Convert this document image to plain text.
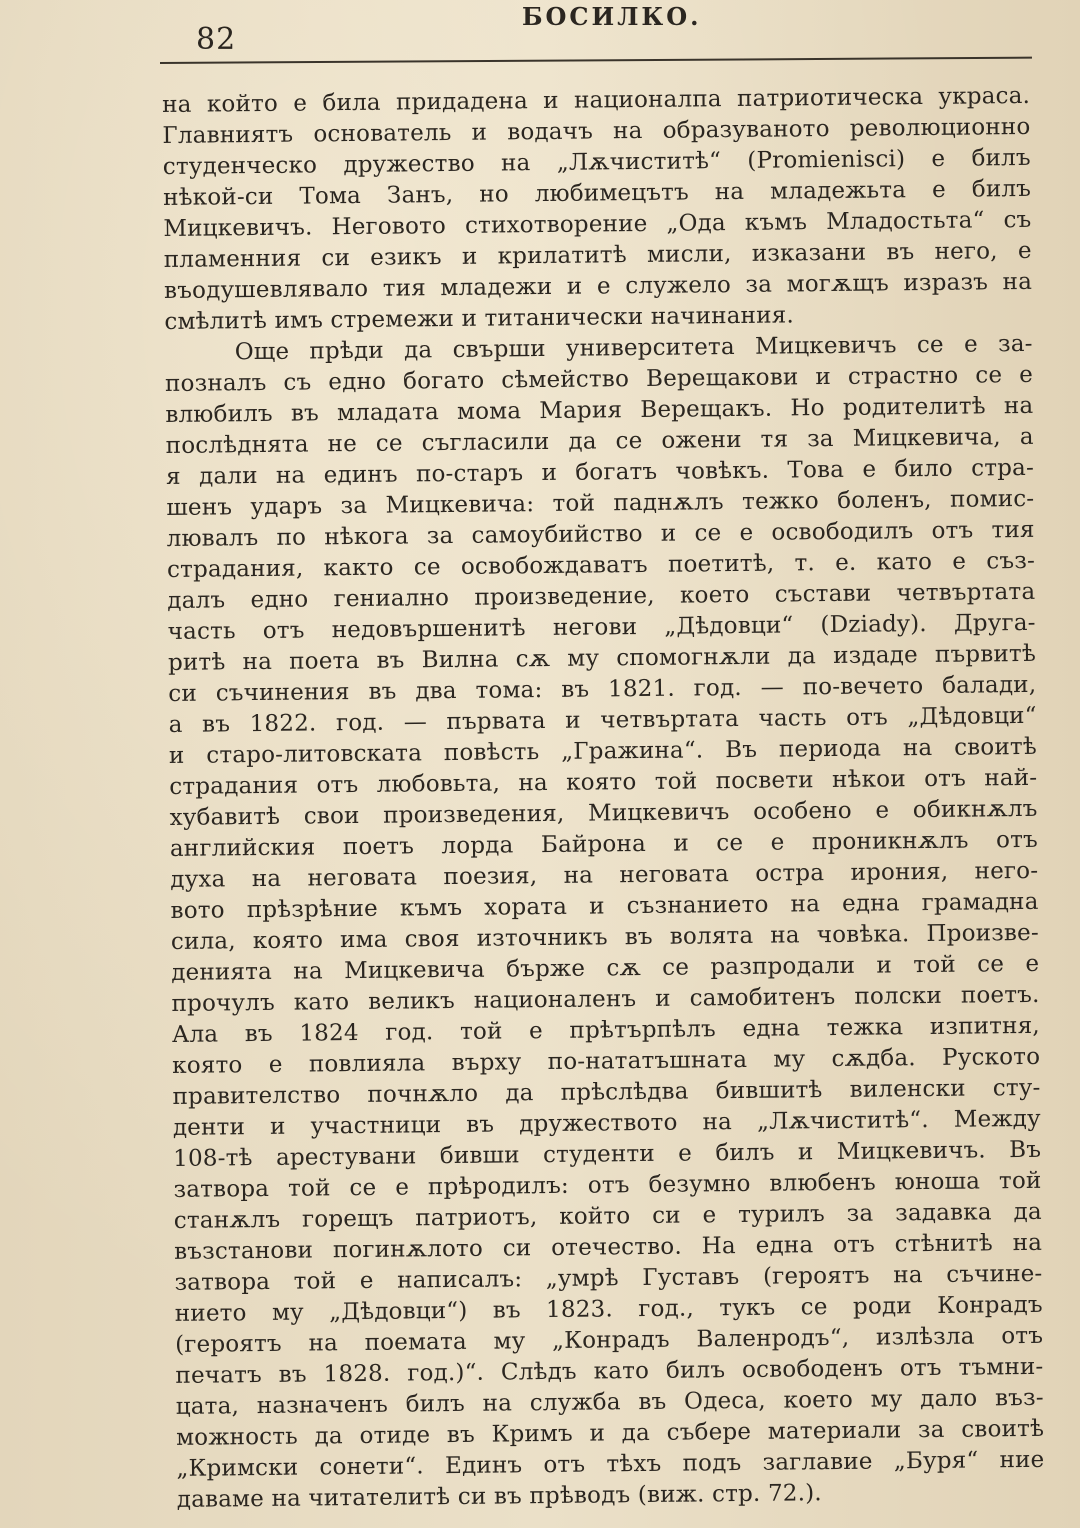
82
БОСИЛКО.
на който е била придадена и националпа патриотическа украса.
Главниятъ основатель и водачъ на образуваното революционно
студенческо дружество на „Лѫчиститѣ“ (Promienisci) е билъ
нѣкой-си Тома Занъ, но любимецътъ на младежьта е билъ
Мицкевичъ. Неговото стихотворение „Ода къмъ Младостьта“ съ
пламенния си езикъ и крилатитѣ мисли, изказани въ него, е
въодушевлявало тия младежи и е служело за могѫщъ изразъ на
смѣлитѣ имъ стремежи и титанически начинания.
Още прѣди да свърши университета Мицкевичъ се е за-
позналъ съ едно богато сѣмейство Верещакови и страстно се е
влюбилъ въ младата мома Мария Верещакъ. Но родителитѣ на
послѣднята не се съгласили да се ожени тя за Мицкевича, а
я дали на единъ по-старъ и богатъ човѣкъ. Това е било стра-
шенъ ударъ за Мицкевича: той паднѫлъ тежко боленъ, помис-
лювалъ по нѣкога за самоубийство и се е освободилъ отъ тия
страдания, както се освобождаватъ поетитѣ, т. е. като е съз-
далъ едно гениално произведение, което състави четвъртата
часть отъ недовършенитѣ негови „Дѣдовци“ (Dziady). Друга-
ритѣ на поета въ Вилна сѫ му спомогнѫли да издаде първитѣ
си съчинения въ два тома: въ 1821. год. — по-вечето балади,
а въ 1822. год. — първата и четвъртата часть отъ „Дѣдовци“
и старо-литовската повѣсть „Гражина“. Въ периода на своитѣ
страдания отъ любовьта, на която той посвети нѣкои отъ най-
хубавитѣ свои произведения, Мицкевичъ особено е обикнѫлъ
английския поетъ лорда Байрона и се е проникнѫлъ отъ
духа на неговата поезия, на неговата остра ирония, него-
вото прѣзрѣние къмъ хората и съзнанието на една грамадна
сила, която има своя източникъ въ волята на човѣка. Произве-
денията на Мицкевича бърже сѫ се разпродали и той се е
прочулъ като великъ националенъ и самобитенъ полски поетъ.
Ала въ 1824 год. той е прѣтърпѣлъ една тежка изпитня,
която е повлияла върху по-нататъшната му сѫдба. Руското
правителство почнѫло да прѣслѣдва бившитѣ виленски сту-
денти и участници въ дружеството на „Лѫчиститѣ“. Между
108-тѣ арестувани бивши студенти е билъ и Мицкевичъ. Въ
затвора той се е прѣродилъ: отъ безумно влюбенъ юноша той
станѫлъ горещъ патриотъ, който си е турилъ за задавка да
възстанови погинѫлото си отечество. На една отъ стѣнитѣ на
затвора той е написалъ: „умрѣ Густавъ (героятъ на съчине-
нието му „Дѣдовци“) въ 1823. год., тукъ се роди Конрадъ
(героятъ на поемата му „Конрадъ Валенродъ“, излѣзла отъ
печатъ въ 1828. год.)“. Слѣдъ като билъ освободенъ отъ тъмни-
цата, назначенъ билъ на служба въ Одеса, което му дало въз-
можность да отиде въ Кримъ и да събере материали за своитѣ
„Кримски сонети“. Единъ отъ тѣхъ подъ заглавие „Буря“ ние
даваме на читателитѣ си въ прѣводъ (виж. стр. 72.).
